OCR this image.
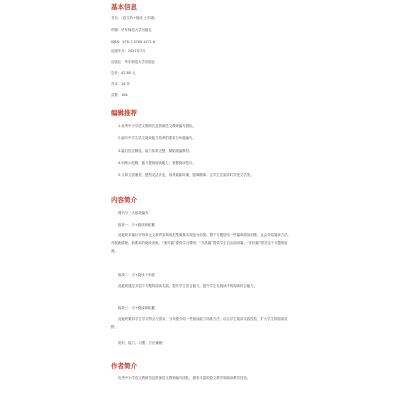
基本信息
书名：《语文的+阅读 七年级》
印刷：华东师范大学出版社
ISBN：978-7-5760-1471-6
出版年月：2021年7月
出版社：华东师范大学出版社
定价：42.80 元
开本：16 开
页数：184
编辑推荐
1.优秀中小学语文教研员及资深语文教师编写团队。
2.编写中学生语文阅读能力培养的需求分年级编写。
3.篇目经过精选，能力体系完整，紧贴统编教材。
4.训练示范精，能力提练阅读能力，掌握阅读技巧。
5.文章文质兼美，题型灵活多变，培养最新时潮，强调精神。让学生在阅读时享受文学美。
内容简介
图书分三大板块编写：
板块一：天+阅读和积累
此板块多篇针对每单元文章内容构成类型做基本规范为前提。整个专题设结一些篇章阅读训练，且会介绍阅读方法，开展新情境、新要求的阅读训练。“速写篇”提供学习要明；“书品篇”提供学生自由阅读篇；“评价篇”图对这个专题的检测。
板块二：天+阅读十年级
此板块通过多层个专题的阅读实践，提升学生语言能力，提升学生在阅读中的阅读综合能力。
板块三：天+阅读和积累
此板块紧扣学生学习特点与需求，分年级介绍一些阅读能力训练方法，结合学生阅读实践经验，扩大学生的阅读视野。
知识、能力、习惯、方法兼顾！
作者简介
优秀中小学语文教研员及资深语文教师编写团队，拥有丰富的语文教学和阅读教学经验。
